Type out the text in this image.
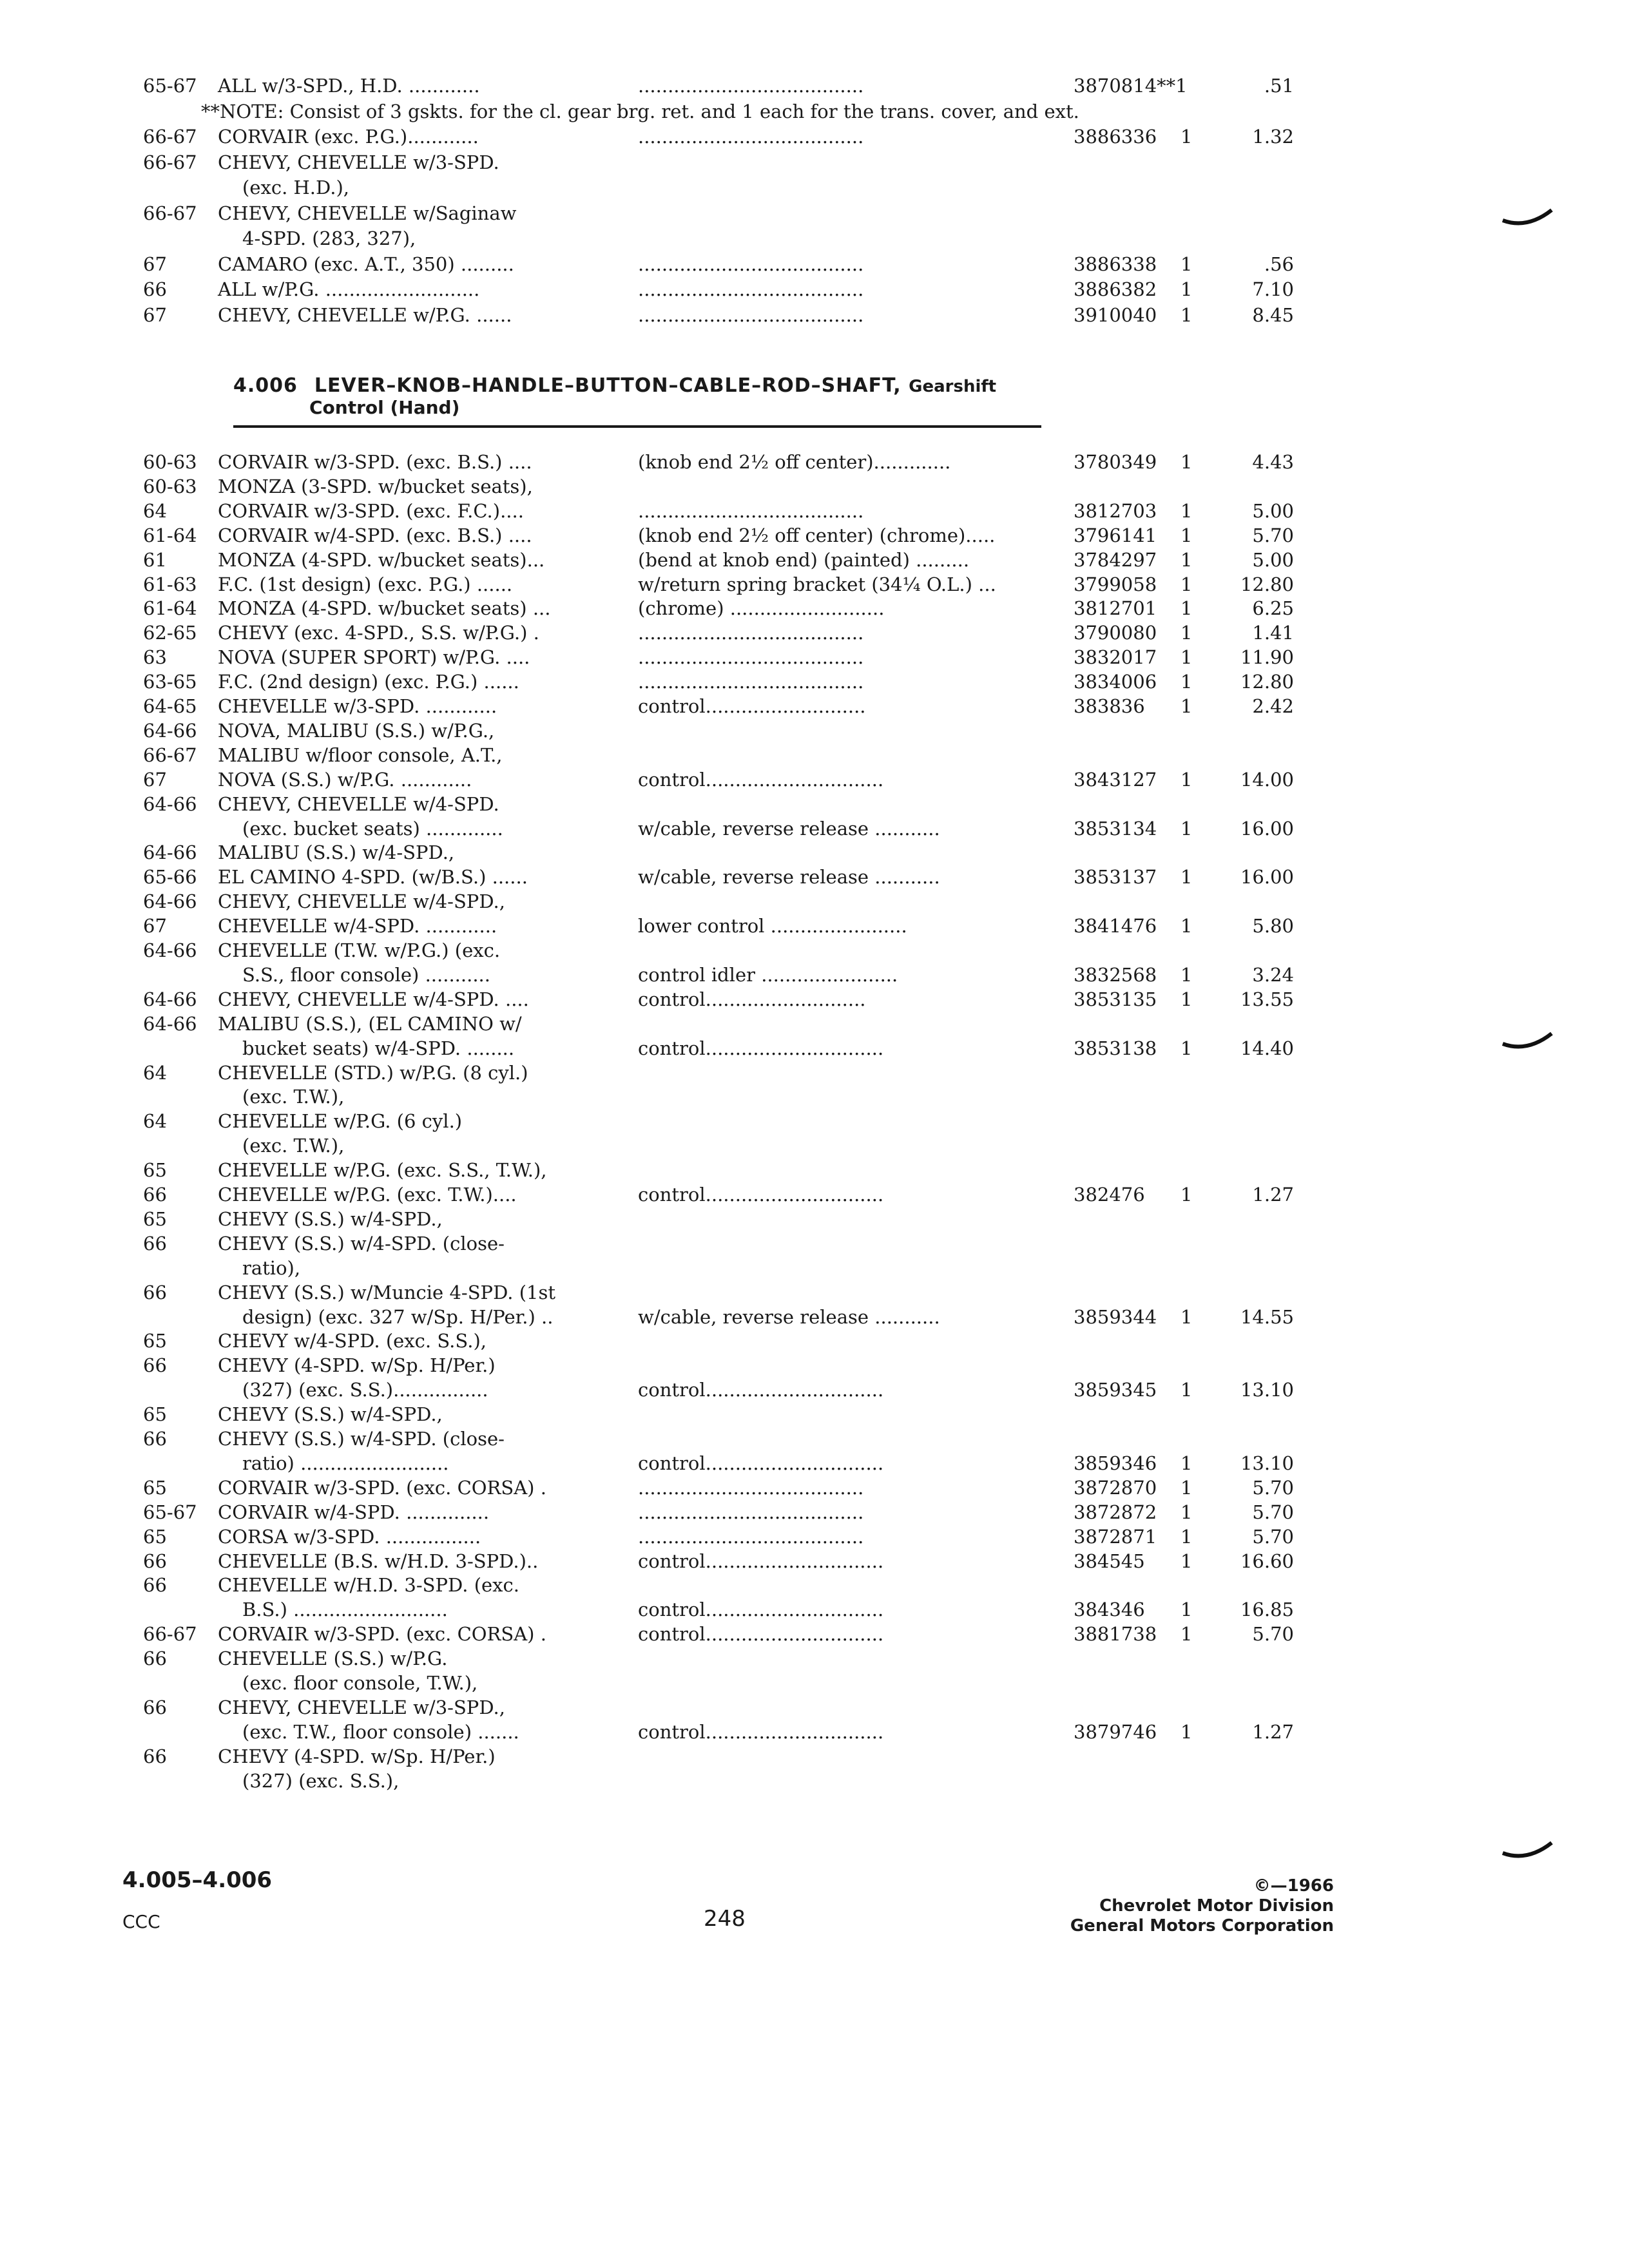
65-67 ALL w/3-SPD., H.D. ............	......................................	3870814**1	.51
**NOTE: Consist of 3 gskts. for the cl. gear brg. ret. and 1 each for the trans. cover, and ext.
66-67 CORVAIR (exc. P.G.)............	......................................	3886336 1	1.32
66-67 CHEVY, CHEVELLE w/3-SPD.
(exc. H.D.),
66-67 CHEVY, CHEVELLE w/Saginaw
4-SPD. (283, 327),
67	CAMARO (exc. A.T., 350) .........	......................................	3886338 1	.56
66	ALL w/P.G. ..........................	......................................	3886382 1	7.10
67	CHEVY, CHEVELLE w/P.G. ......	......................................	3910040 1	8.45
4.006 LEVER–KNOB–HANDLE–BUTTON–CABLE–ROD–SHAFT, Gearshift
Control (Hand)
60-63 CORVAIR w/3-SPD. (exc. B.S.) ....	(knob end 2½ off center).............	3780349 1	4.43
60-63 MONZA (3-SPD. w/bucket seats),
64	CORVAIR w/3-SPD. (exc. F.C.)....	......................................	3812703 1	5.00
61-64 CORVAIR w/4-SPD. (exc. B.S.) ....	(knob end 2½ off center) (chrome).....	3796141 1	5.70
61	MONZA (4-SPD. w/bucket seats)...	(bend at knob end) (painted) .........	3784297 1	5.00
61-63 F.C. (1st design) (exc. P.G.) ......	w/return spring bracket (34¼ O.L.) ...	3799058 1	12.80
61-64 MONZA (4-SPD. w/bucket seats) ...	(chrome) ..........................	3812701 1	6.25
62-65 CHEVY (exc. 4-SPD., S.S. w/P.G.) .	......................................	3790080 1	1.41
63	NOVA (SUPER SPORT) w/P.G. ....	......................................	3832017 1	11.90
63-65 F.C. (2nd design) (exc. P.G.) ......	......................................	3834006 1	12.80
64-65 CHEVELLE w/3-SPD. ............	control...........................	383836 1	2.42
64-66 NOVA, MALIBU (S.S.) w/P.G.,
66-67 MALIBU w/floor console, A.T.,
67	NOVA (S.S.) w/P.G. ............	control..............................	3843127 1	14.00
64-66 CHEVY, CHEVELLE w/4-SPD.
(exc. bucket seats) .............	w/cable, reverse release ...........	3853134 1	16.00
64-66 MALIBU (S.S.) w/4-SPD.,
65-66 EL CAMINO 4-SPD. (w/B.S.) ......	w/cable, reverse release ...........	3853137 1	16.00
64-66 CHEVY, CHEVELLE w/4-SPD.,
67	CHEVELLE w/4-SPD. ............	lower control .......................	3841476 1	5.80
64-66 CHEVELLE (T.W. w/P.G.) (exc.
S.S., floor console) ...........	control idler .......................	3832568 1	3.24
64-66 CHEVY, CHEVELLE w/4-SPD. ....	control...........................	3853135 1	13.55
64-66 MALIBU (S.S.), (EL CAMINO w/
bucket seats) w/4-SPD. ........	control..............................	3853138 1	14.40
64	CHEVELLE (STD.) w/P.G. (8 cyl.)
(exc. T.W.),
64	CHEVELLE w/P.G. (6 cyl.)
(exc. T.W.),
65	CHEVELLE w/P.G. (exc. S.S., T.W.),
66	CHEVELLE w/P.G. (exc. T.W.)....	control..............................	382476 1	1.27
65	CHEVY (S.S.) w/4-SPD.,
66	CHEVY (S.S.) w/4-SPD. (close-
ratio),
66	CHEVY (S.S.) w/Muncie 4-SPD. (1st
design) (exc. 327 w/Sp. H/Per.) ..	w/cable, reverse release ...........	3859344 1	14.55
65	CHEVY w/4-SPD. (exc. S.S.),
66	CHEVY (4-SPD. w/Sp. H/Per.)
(327) (exc. S.S.)................	control..............................	3859345 1	13.10
65	CHEVY (S.S.) w/4-SPD.,
66	CHEVY (S.S.) w/4-SPD. (close-
ratio) .........................	control..............................	3859346 1	13.10
65	CORVAIR w/3-SPD. (exc. CORSA) .	......................................	3872870 1	5.70
65-67 CORVAIR w/4-SPD. ..............	......................................	3872872 1	5.70
65	CORSA w/3-SPD. ................	......................................	3872871 1	5.70
66	CHEVELLE (B.S. w/H.D. 3-SPD.)..	control..............................	384545 1	16.60
66	CHEVELLE w/H.D. 3-SPD. (exc.
B.S.) ..........................	control..............................	384346 1	16.85
66-67 CORVAIR w/3-SPD. (exc. CORSA) .	control..............................	3881738 1	5.70
66	CHEVELLE (S.S.) w/P.G.
(exc. floor console, T.W.),
66	CHEVY, CHEVELLE w/3-SPD.,
(exc. T.W., floor console) .......	control..............................	3879746 1	1.27
66	CHEVY (4-SPD. w/Sp. H/Per.)
(327) (exc. S.S.),
4.005–4.006
CCC	248
©—1966
Chevrolet Motor Division
General Motors Corporation
